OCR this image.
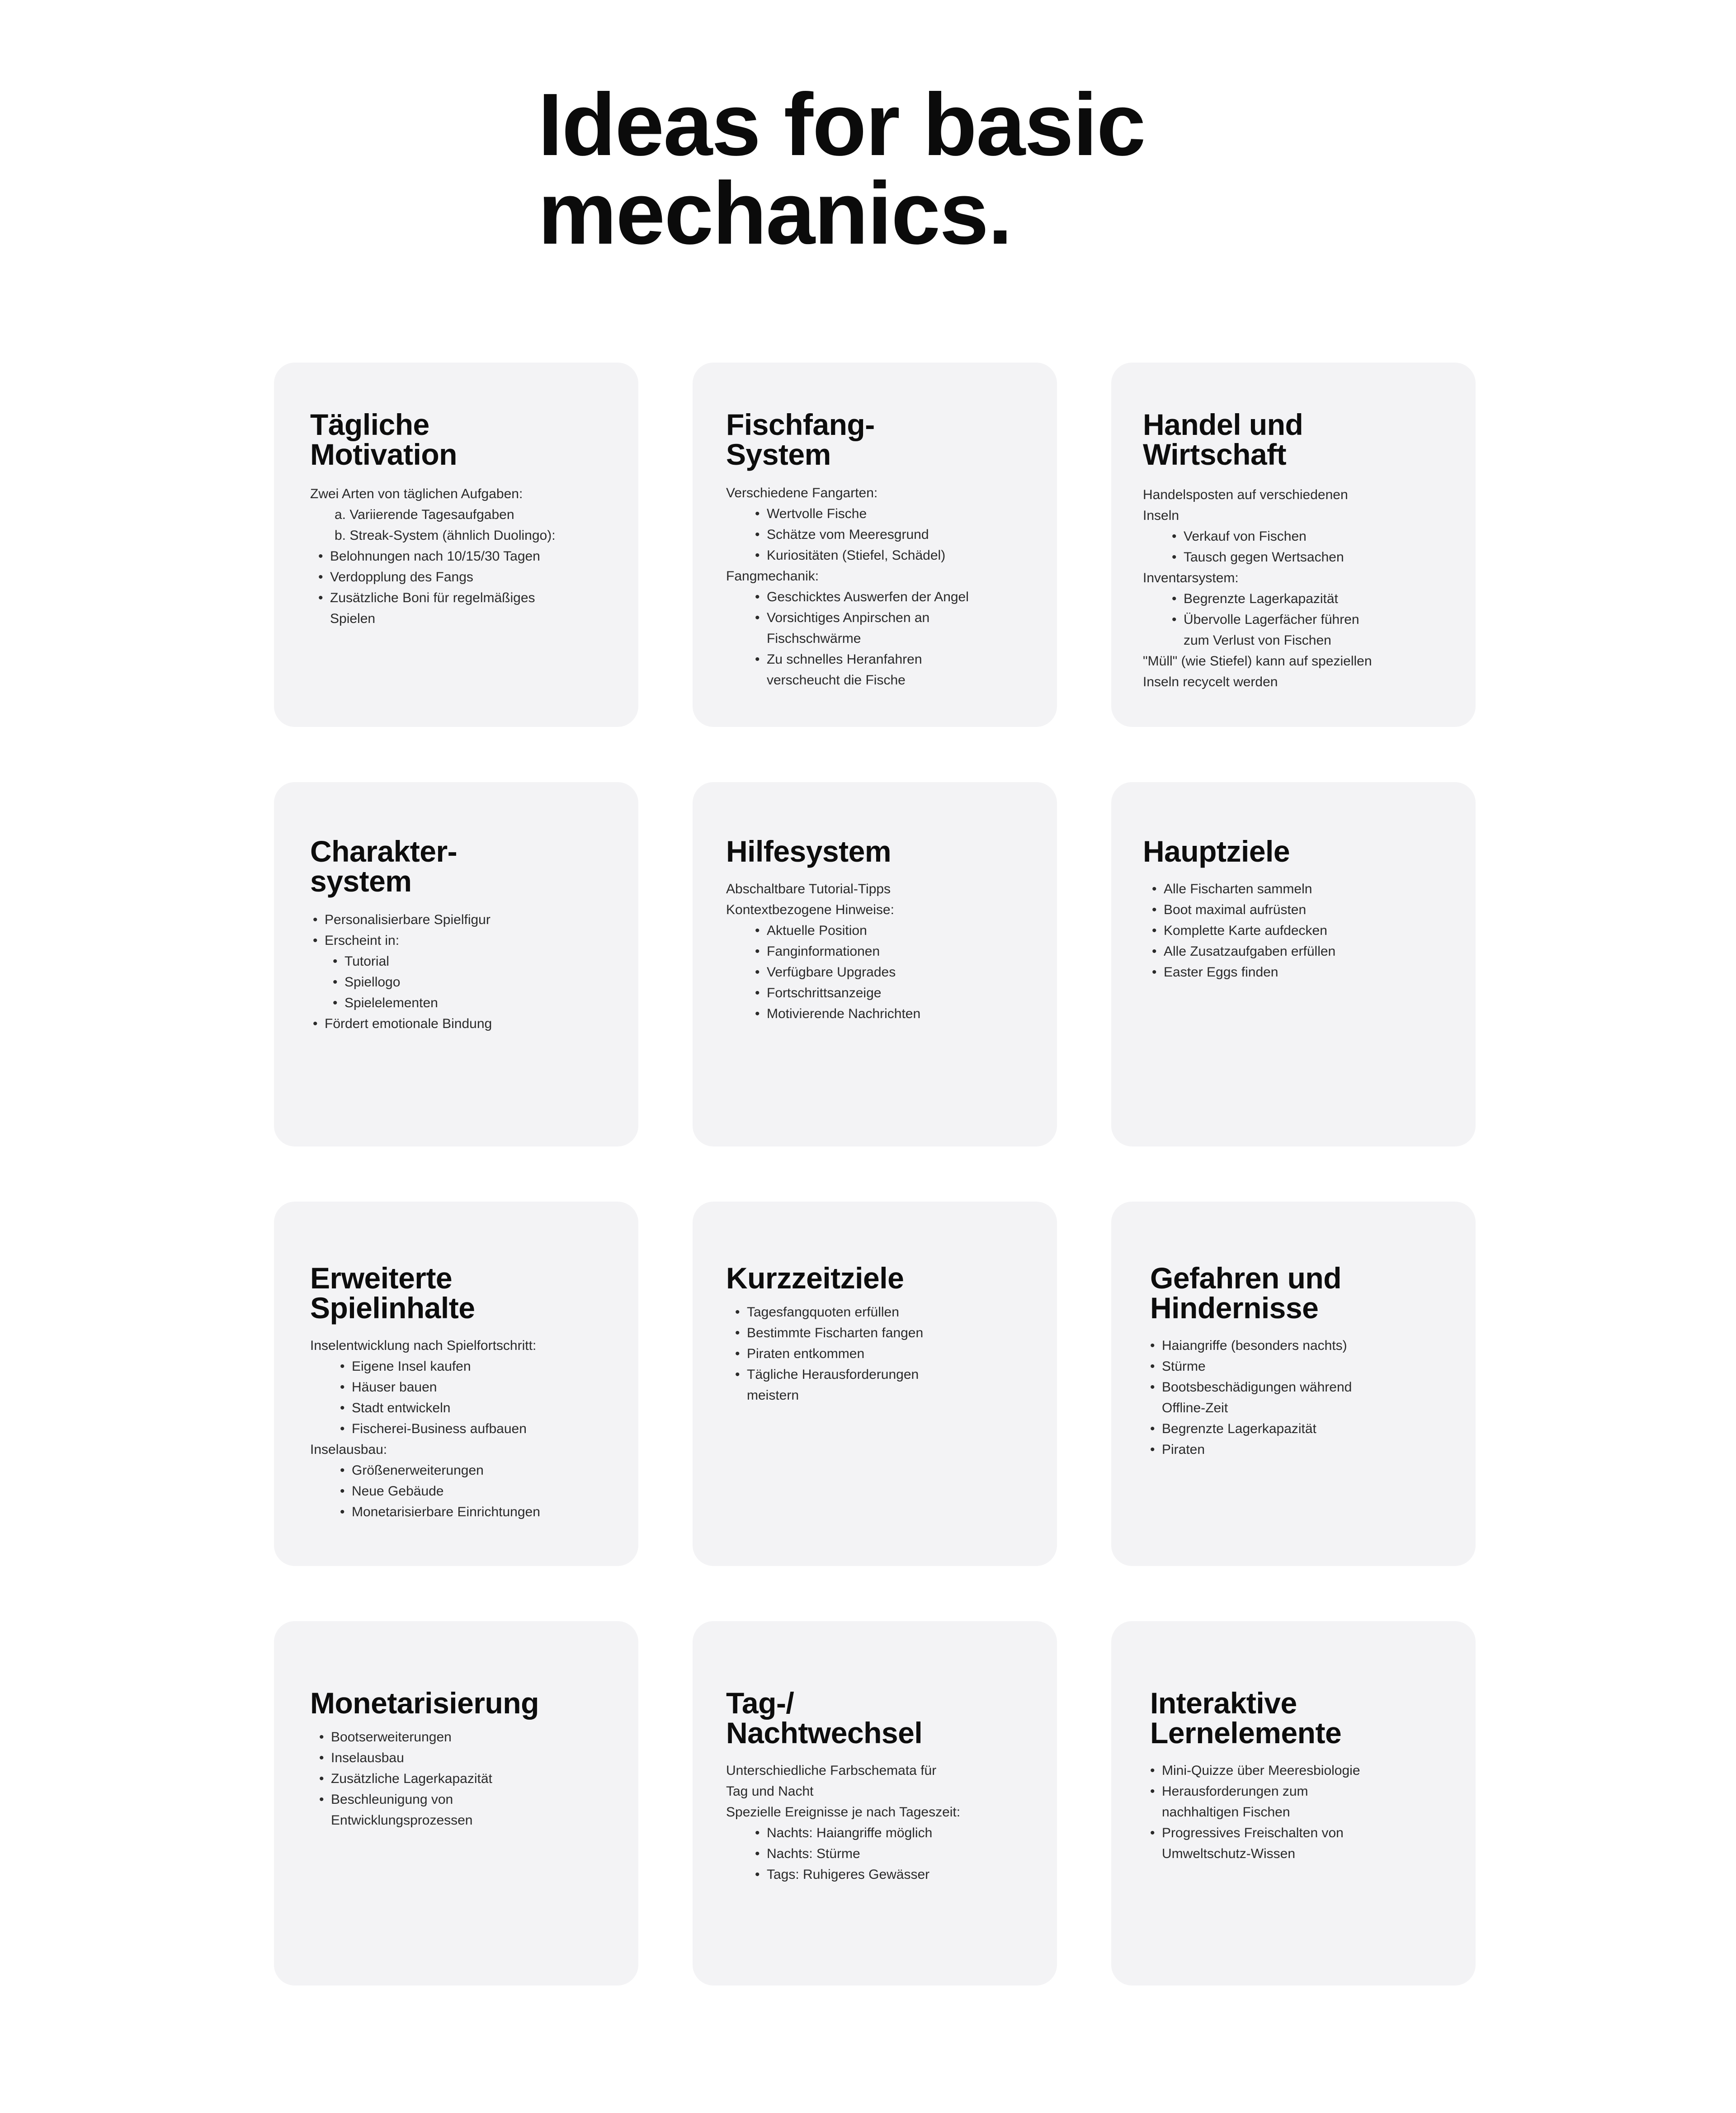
Ideas for basic
mechanics.
Tägliche
Motivation
Zwei Arten von täglichen Aufgaben:
a. Variierende Tagesaufgaben
b. Streak-System (ähnlich Duolingo):
• Belohnungen nach 10/15/30 Tagen
• Verdopplung des Fangs
• Zusätzliche Boni für regelmäßiges
Spielen
Fischfang-
System
Verschiedene Fangarten:
• Wertvolle Fische
• Schätze vom Meeresgrund
• Kuriositäten (Stiefel, Schädel)
Fangmechanik:
• Geschicktes Auswerfen der Angel
• Vorsichtiges Anpirschen an
Fischschwärme
• Zu schnelles Heranfahren
verscheucht die Fische
Handel und
Wirtschaft
Handelsposten auf verschiedenen
Inseln
• Verkauf von Fischen
• Tausch gegen Wertsachen
Inventarsystem:
• Begrenzte Lagerkapazität
• Übervolle Lagerfächer führen
zum Verlust von Fischen
"Müll" (wie Stiefel) kann auf speziellen
Inseln recycelt werden
Charakter-
system
• Personalisierbare Spielfigur
• Erscheint in:
• Tutorial
• Spiellogo
• Spielelementen
• Fördert emotionale Bindung
Hilfesystem
Abschaltbare Tutorial-Tipps
Kontextbezogene Hinweise:
• Aktuelle Position
• Fanginformationen
• Verfügbare Upgrades
• Fortschrittsanzeige
• Motivierende Nachrichten
Hauptziele
• Alle Fischarten sammeln
• Boot maximal aufrüsten
• Komplette Karte aufdecken
• Alle Zusatzaufgaben erfüllen
• Easter Eggs finden
Erweiterte
Spielinhalte
Inselentwicklung nach Spielfortschritt:
• Eigene Insel kaufen
• Häuser bauen
• Stadt entwickeln
• Fischerei-Business aufbauen
Inselausbau:
• Größenerweiterungen
• Neue Gebäude
• Monetarisierbare Einrichtungen
Kurzzeitziele
• Tagesfangquoten erfüllen
• Bestimmte Fischarten fangen
• Piraten entkommen
• Tägliche Herausforderungen
meistern
Gefahren und
Hindernisse
• Haiangriffe (besonders nachts)
• Stürme
• Bootsbeschädigungen während
Offline-Zeit
• Begrenzte Lagerkapazität
• Piraten
Monetarisierung
• Bootserweiterungen
• Inselausbau
• Zusätzliche Lagerkapazität
• Beschleunigung von
Entwicklungsprozessen
Tag-/
Nachtwechsel
Unterschiedliche Farbschemata für
Tag und Nacht
Spezielle Ereignisse je nach Tageszeit:
• Nachts: Haiangriffe möglich
• Nachts: Stürme
• Tags: Ruhigeres Gewässer
Interaktive
Lernelemente
• Mini-Quizze über Meeresbiologie
• Herausforderungen zum
nachhaltigen Fischen
• Progressives Freischalten von
Umweltschutz-Wissen
